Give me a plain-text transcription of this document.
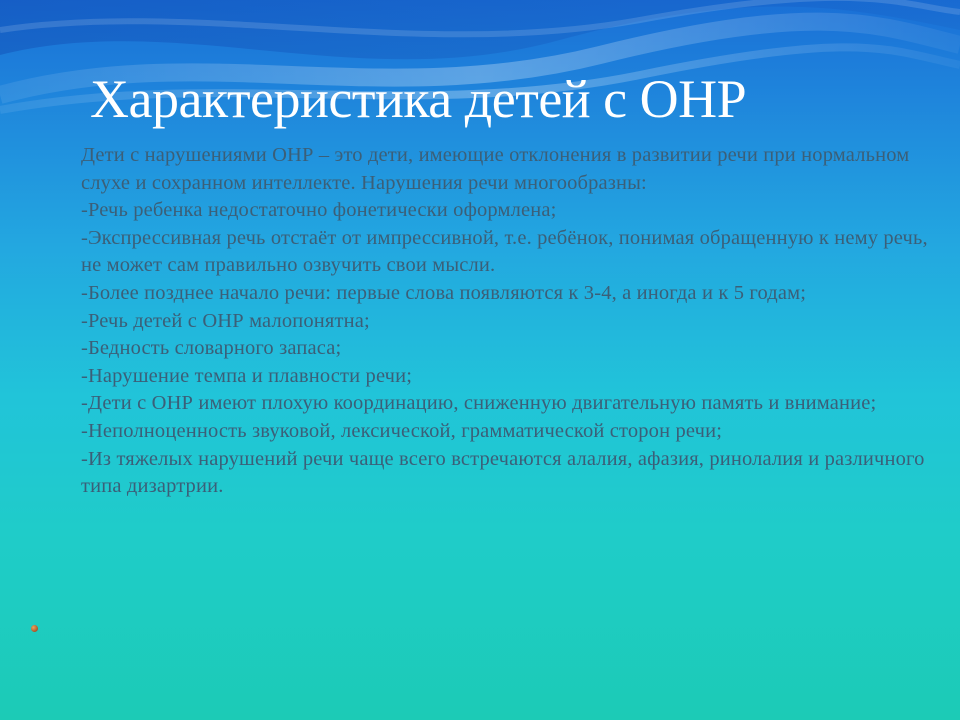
Характеристика детей с ОНР
Дети с нарушениями ОНР – это дети, имеющие отклонения в развитии речи при нормальном слухе и сохранном интеллекте. Нарушения речи многообразны:
-Речь ребенка недостаточно фонетически оформлена;
-Экспрессивная речь отстаёт от импрессивной, т.е. ребёнок, понимая обращенную к нему речь, не может сам правильно озвучить свои мысли.
-Более позднее начало речи: первые слова появляются к 3-4, а иногда и к 5 годам;
-Речь детей с ОНР малопонятна;
-Бедность словарного запаса;
-Нарушение темпа и плавности речи;
-Дети с ОНР имеют плохую координацию, сниженную двигательную память и внимание;
-Неполноценность звуковой, лексической, грамматической сторон речи;
-Из тяжелых нарушений речи чаще всего встречаются алалия, афазия, ринолалия и различного типа дизартрии.
